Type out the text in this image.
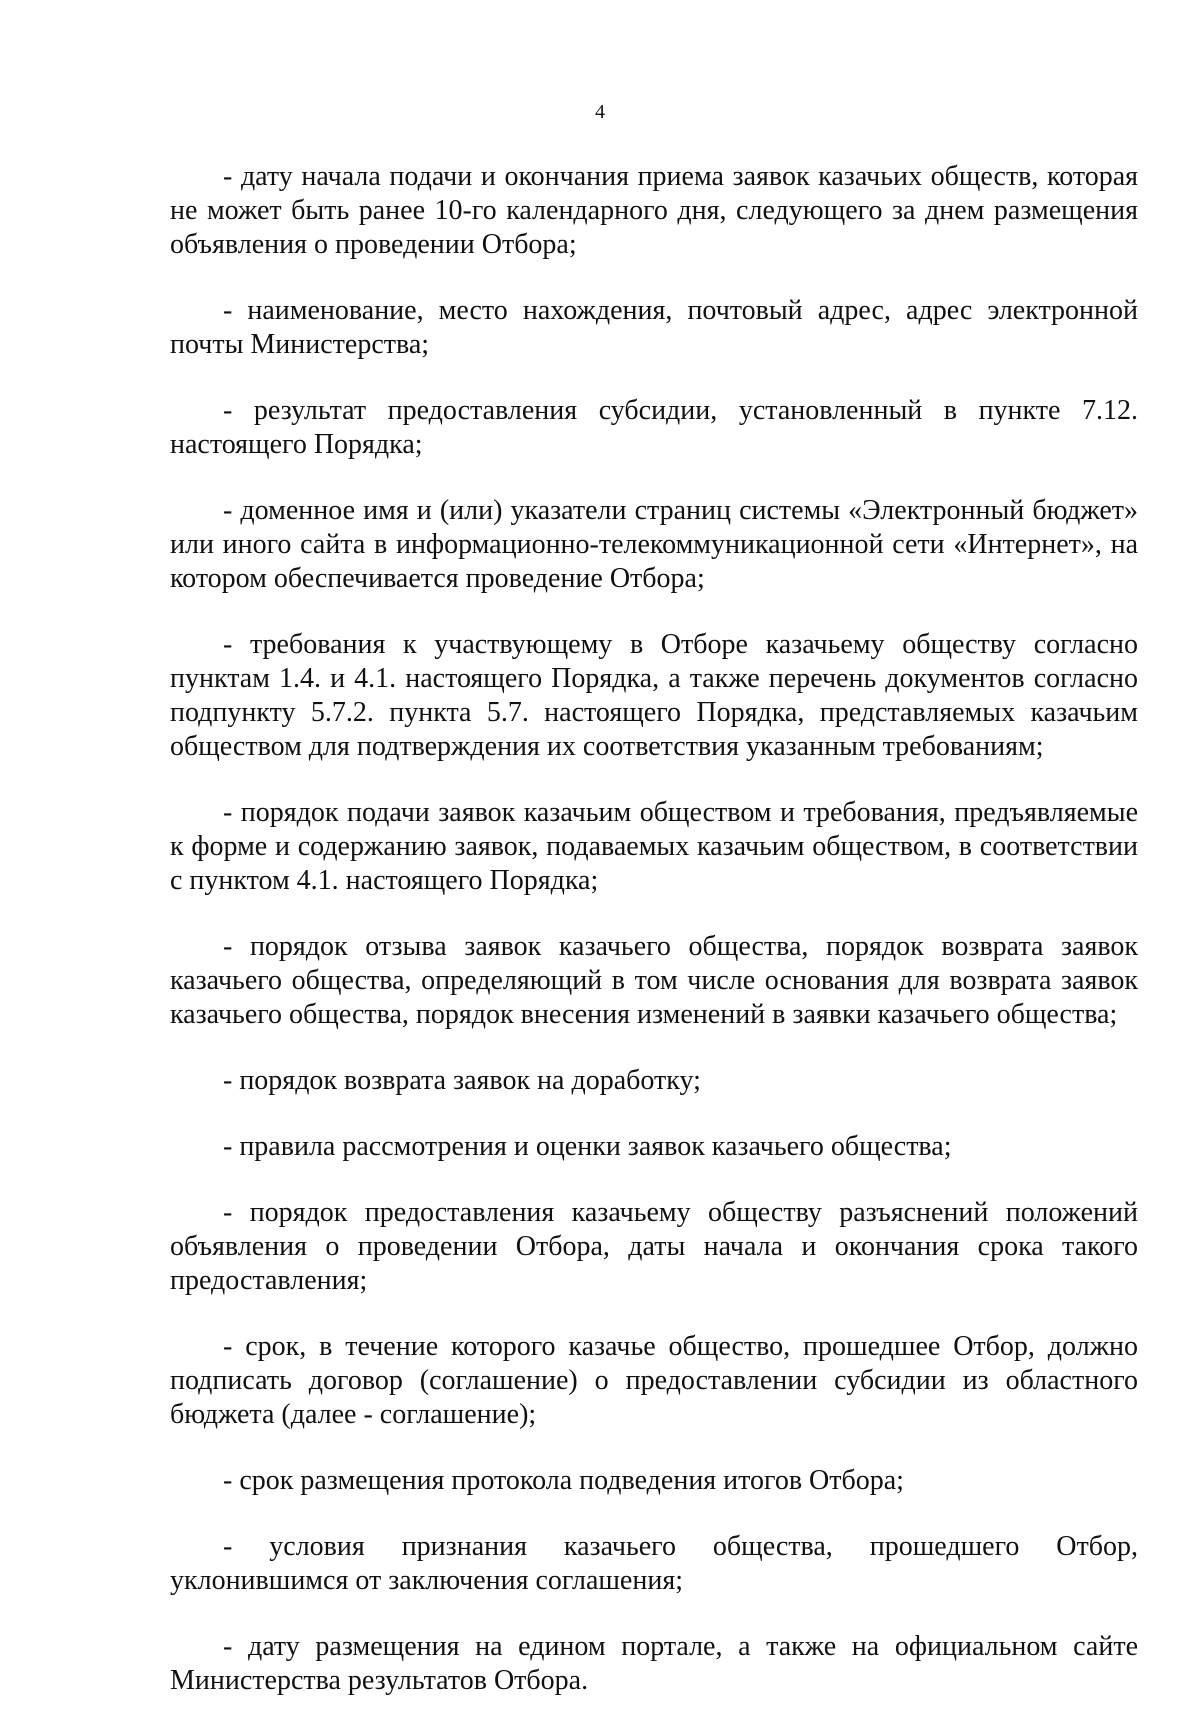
4

- дату начала подачи и окончания приема заявок казачьих обществ, которая не может быть ранее 10-го календарного дня, следующего за днем размещения объявления о проведении Отбора;

- наименование, место нахождения, почтовый адрес, адрес электронной почты Министерства;

- результат предоставления субсидии, установленный в пункте 7.12. настоящего Порядка;

- доменное имя и (или) указатели страниц системы «Электронный бюджет» или иного сайта в информационно-телекоммуникационной сети «Интернет», на котором обеспечивается проведение Отбора;

- требования к участвующему в Отборе казачьему обществу согласно пунктам 1.4. и 4.1. настоящего Порядка, а также перечень документов согласно подпункту 5.7.2. пункта 5.7. настоящего Порядка, представляемых казачьим обществом для подтверждения их соответствия указанным требованиям;

- порядок подачи заявок казачьим обществом и требования, предъявляемые к форме и содержанию заявок, подаваемых казачьим обществом, в соответствии с пунктом 4.1. настоящего Порядка;

- порядок отзыва заявок казачьего общества, порядок возврата заявок казачьего общества, определяющий в том числе основания для возврата заявок казачьего общества, порядок внесения изменений в заявки казачьего общества;

- порядок возврата заявок на доработку;

- правила рассмотрения и оценки заявок казачьего общества;

- порядок предоставления казачьему обществу разъяснений положений объявления о проведении Отбора, даты начала и окончания срока такого предоставления;

- срок, в течение которого казачье общество, прошедшее Отбор, должно подписать договор (соглашение) о предоставлении субсидии из областного бюджета (далее - соглашение);

- срок размещения протокола подведения итогов Отбора;

- условия признания казачьего общества, прошедшего Отбор, уклонившимся от заключения соглашения;

- дату размещения на едином портале, а также на официальном сайте Министерства результатов Отбора.
